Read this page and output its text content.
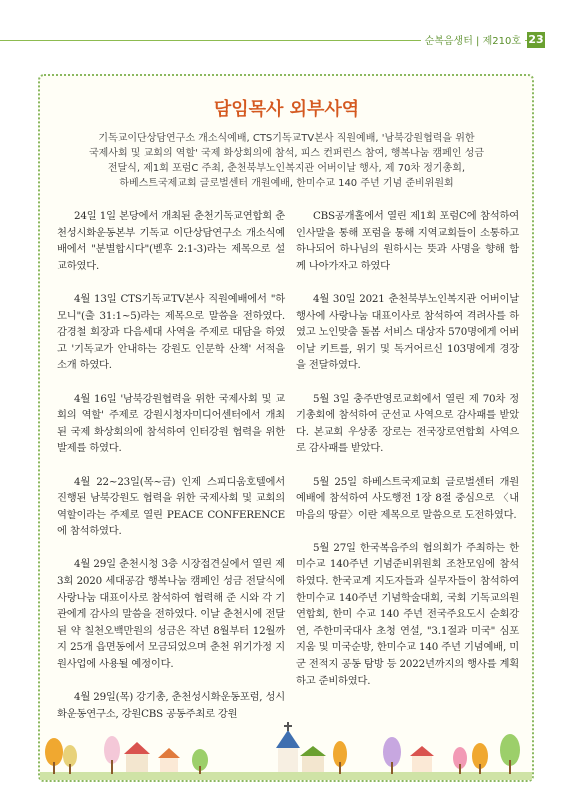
순복음생터 | 제210호 23
담임목사 외부사역
기독교이단상담연구소 개소식예배, CTS기독교TV본사 직원예배, '남북강원협력을 위한
국제사회 및 교회의 역할' 국제 화상회의에 참석, 피스 컨퍼런스 참여, 행복나눔 캠페인 성금
전달식, 제1회 포럼C 주최, 춘천북부노인복지관 어버이날 행사, 제 70차 정기총회,
하베스트국제교회 글로벌센터 개원예배, 한미수교 140 주년 기념 준비위원회

24일 1일 본당에서 개최된 춘천기독교연합회 춘천성시화운동본부 기독교 이단상담연구소 개소식예배에서 "분별합시다"(벧후 2:1-3)라는 제목으로 설교하였다.

4월 13일 CTS기독교TV본사 직원예배에서 "하모니"(출 31:1~5)라는 제목으로 말씀을 전하였다. 감경철 회장과 다음세대 사역을 주제로 대담을 하였고 '기독교가 안내하는 강원도 인문학 산책' 서적을 소개 하였다.

4월 16일 '남북강원협력을 위한 국제사회 및 교회의 역할' 주제로 강원시청자미디어센터에서 개최된 국제 화상회의에 참석하여 인터강원 협력을 위한 발제를 하였다.

4월 22~23일(목~금) 인제 스피디움호텔에서 진행된 남북강원도 협력을 위한 국제사회 및 교회의 역할이라는 주제로 열린 PEACE CONFERENCE 에 참석하였다.

4월 29일 춘천시청 3층 시장접견실에서 열린 제3회 2020 세대공감 행복나눔 캠페인 성금 전달식에 사랑나눔 대표이사로 참석하여 협력해 준 시와 각 기관에게 감사의 말씀을 전하였다. 이날 춘천시에 전달된 약 칠천오백만원의 성금은 작년 8월부터 12월까지 25개 읍면동에서 모금되었으며 춘천 위기가정 지원사업에 사용될 예정이다.

4월 29일(목) 강기총, 춘천성시화운동포럼, 성시화운동연구소, 강원CBS 공동주최로 강원

CBS공개홀에서 열린 제1회 포럼C에 참석하여 인사말을 통해 포럼을 통해 지역교회들이 소통하고 하나되어 하나님의 원하시는 뜻과 사명을 향해 함께 나아가자고 하였다

4월 30일 2021 춘천북부노인복지관 어버이날 행사에 사랑나눔 대표이사로 참석하여 격려사를 하였고 노인맞춤 돌봄 서비스 대상자 570명에게 어버이날 키트를, 위기 및 독거어르신 103명에게 경장을 전달하였다.

5월 3일 충주반영로교회에서 열린 제 70차 정기총회에 참석하여 군선교 사역으로 감사패를 받았다. 본교회 우상종 장로는 전국장로연합회 사역으로 감사패를 받았다.

5월 25일 하베스트국제교회 글로벌센터 개원예배에 참석하여 사도행전 1장 8절 중심으로 〈내마음의 땅끝〉이란 제목으로 말씀으로 도전하였다.

5월 27일 한국복음주의 협의회가 주최하는 한미수교 140주년 기념준비위원회 조찬모임에 참석하였다. 한국교계 지도자들과 실무자들이 참석하여 한미수교 140주년 기념학술대회, 국회 기독교의원연합회, 한미 수교 140 주년 전국주요도시 순회강연, 주한미국대사 초청 연설, "3.1절과 미국" 심포지움 및 미국순방, 한미수교 140 주년 기념예배, 미군 전적지 공동 탐방 등 2022년까지의 행사를 계획하고 준비하였다.
